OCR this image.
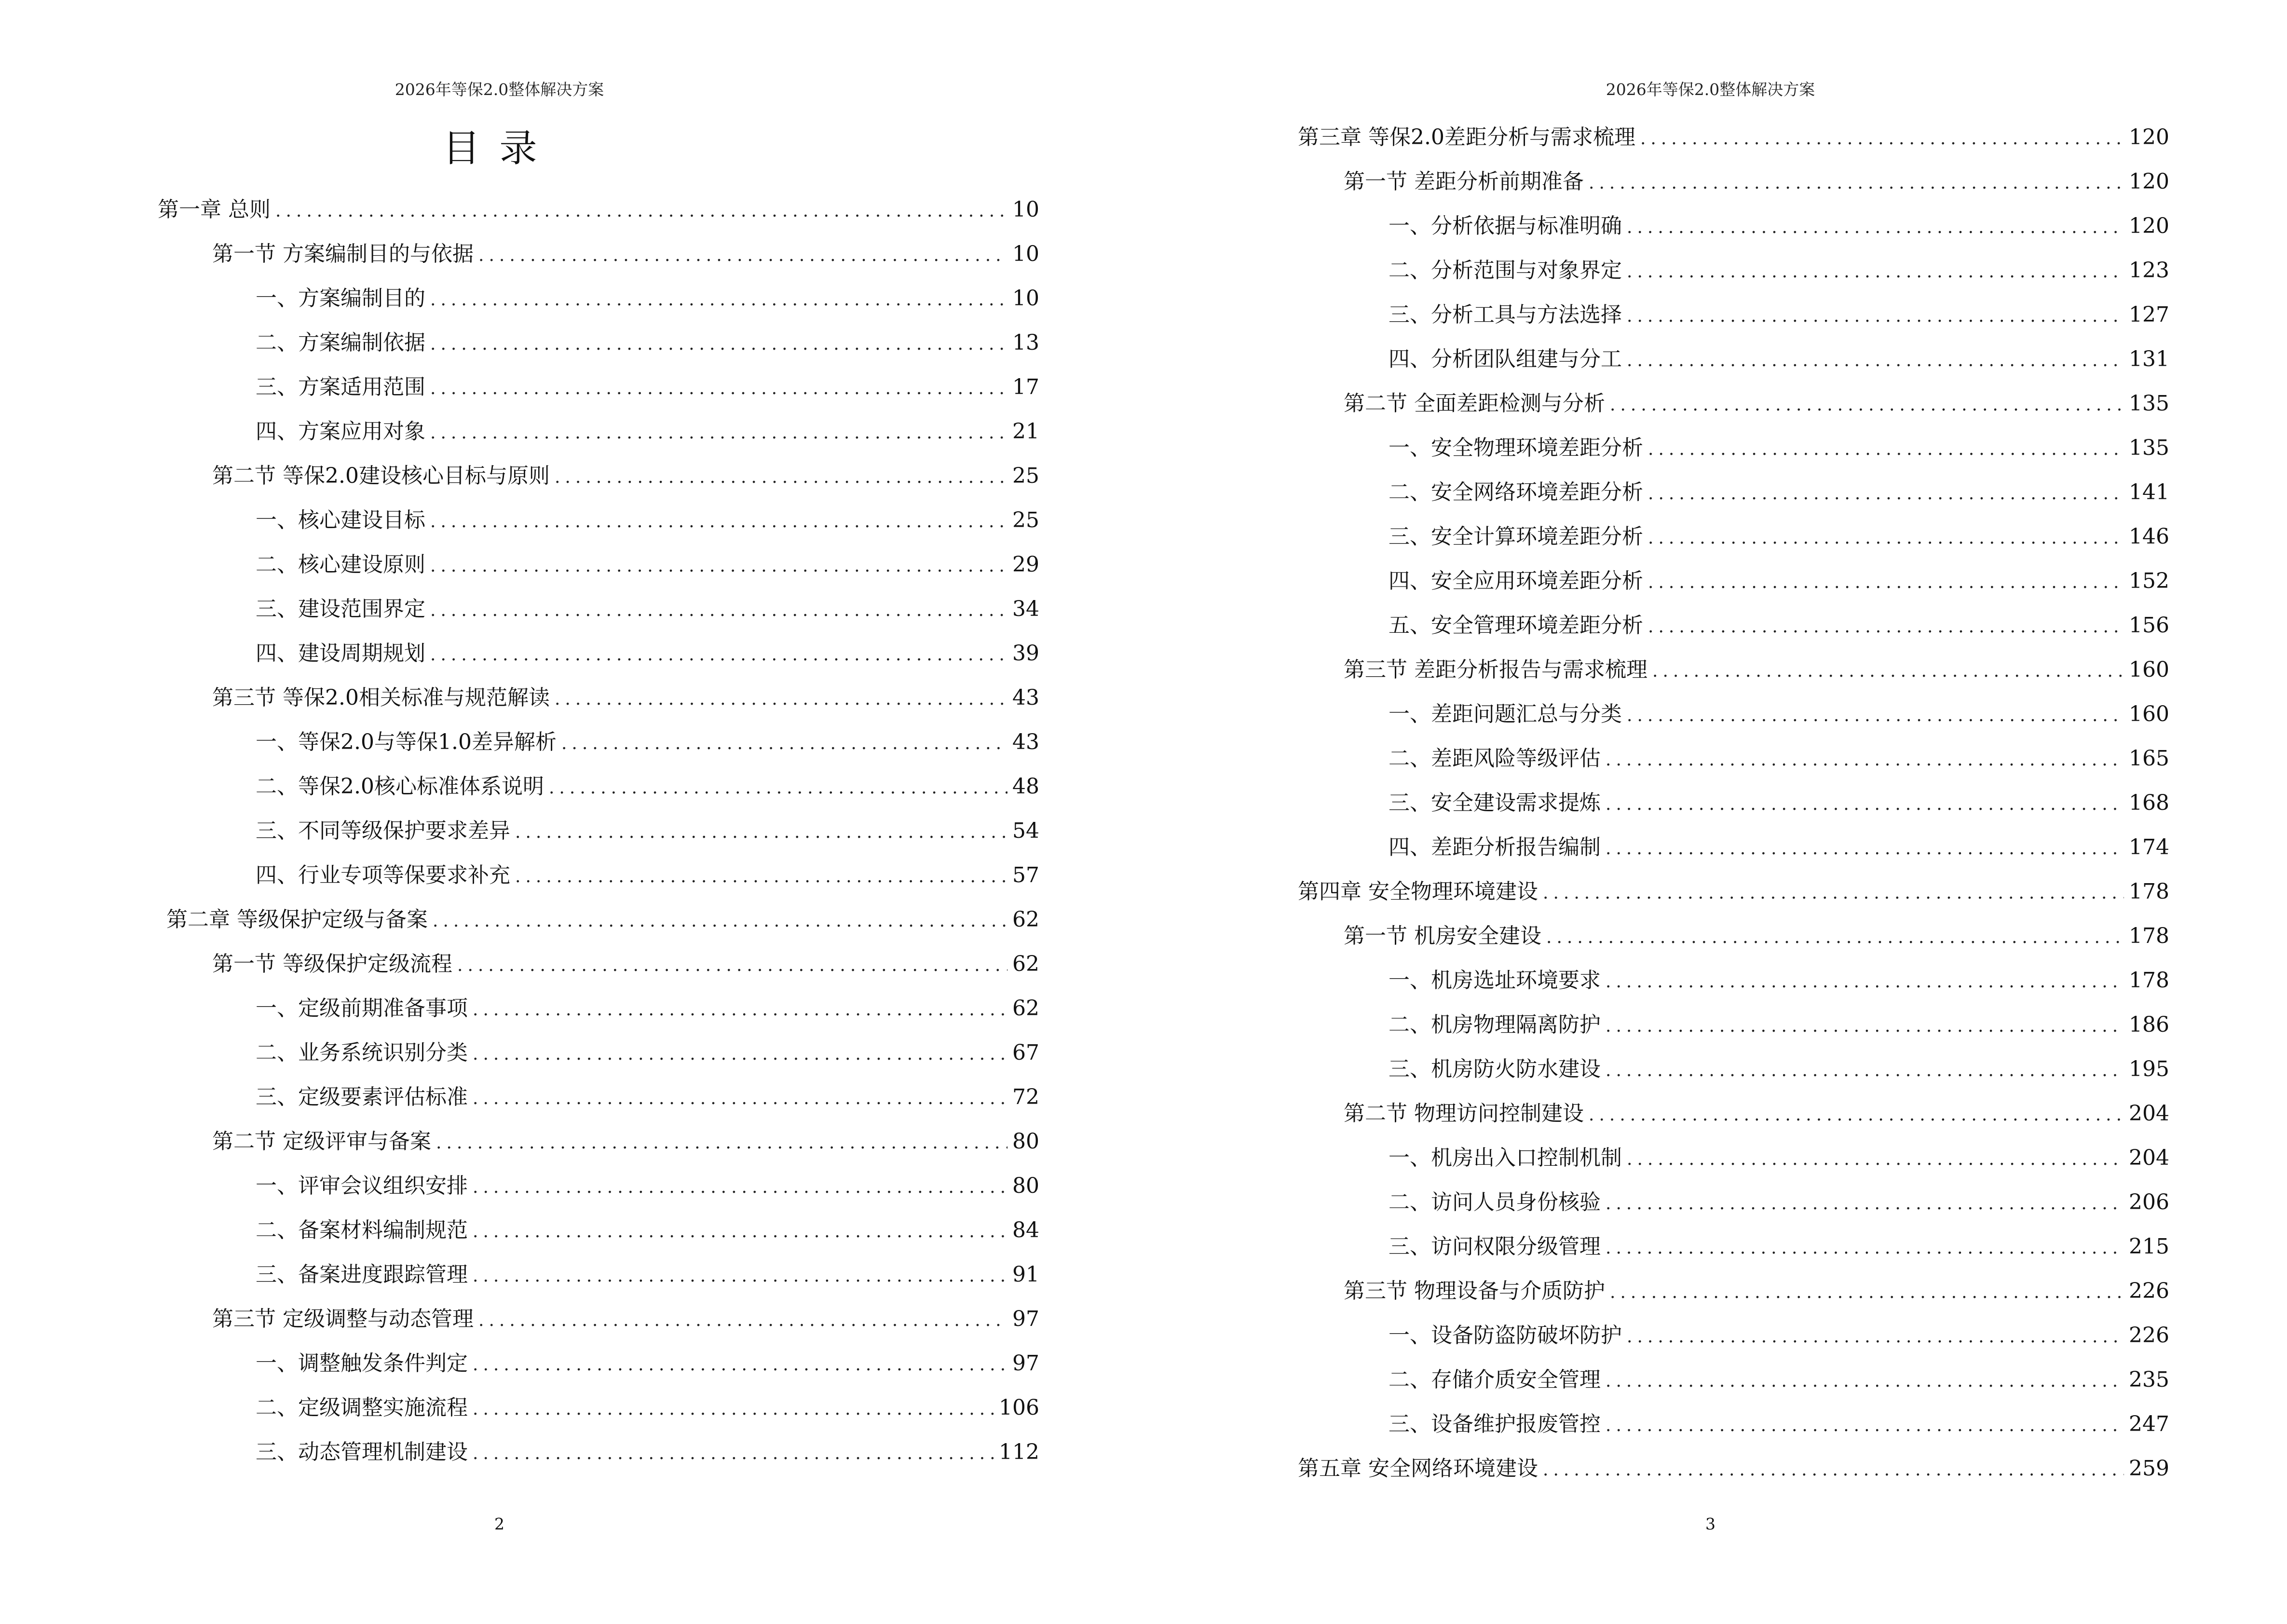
2026年等保2.0整体解决方案
目录
第一章 总则 .....	10
第一节 方案编制目的与依据 .....	10
一、方案编制目的 .....	10
二、方案编制依据 .....	13
三、方案适用范围 .....	17
四、方案应用对象 .....	21
第二节 等保2.0建设核心目标与原则 .....	25
一、核心建设目标 .....	25
二、核心建设原则 .....	29
三、建设范围界定 .....	34
四、建设周期规划 .....	39
第三节 等保2.0相关标准与规范解读 .....	43
一、等保2.0与等保1.0差异解析 .....	43
二、等保2.0核心标准体系说明 .....	48
三、不同等级保护要求差异 .....	54
四、行业专项等保要求补充 .....	57
第二章 等级保护定级与备案 .....	62
第一节 等级保护定级流程 .....	62
一、定级前期准备事项 .....	62
二、业务系统识别分类 .....	67
三、定级要素评估标准 .....	72
第二节 定级评审与备案 .....	80
一、评审会议组织安排 .....	80
二、备案材料编制规范 .....	84
三、备案进度跟踪管理 .....	91
第三节 定级调整与动态管理 .....	97
一、调整触发条件判定 .....	97
二、定级调整实施流程 .....	106
三、动态管理机制建设 .....	112
2
2026年等保2.0整体解决方案
第三章 等保2.0差距分析与需求梳理 .....	120
第一节 差距分析前期准备 .....	120
一、分析依据与标准明确 .....	120
二、分析范围与对象界定 .....	123
三、分析工具与方法选择 .....	127
四、分析团队组建与分工 .....	131
第二节 全面差距检测与分析 .....	135
一、安全物理环境差距分析 .....	135
二、安全网络环境差距分析 .....	141
三、安全计算环境差距分析 .....	146
四、安全应用环境差距分析 .....	152
五、安全管理环境差距分析 .....	156
第三节 差距分析报告与需求梳理 .....	160
一、差距问题汇总与分类 .....	160
二、差距风险等级评估 .....	165
三、安全建设需求提炼 .....	168
四、差距分析报告编制 .....	174
第四章 安全物理环境建设 .....	178
第一节 机房安全建设 .....	178
一、机房选址环境要求 .....	178
二、机房物理隔离防护 .....	186
三、机房防火防水建设 .....	195
第二节 物理访问控制建设 .....	204
一、机房出入口控制机制 .....	204
二、访问人员身份核验 .....	206
三、访问权限分级管理 .....	215
第三节 物理设备与介质防护 .....	226
一、设备防盗防破坏防护 .....	226
二、存储介质安全管理 .....	235
三、设备维护报废管控 .....	247
第五章 安全网络环境建设 .....	259
3
